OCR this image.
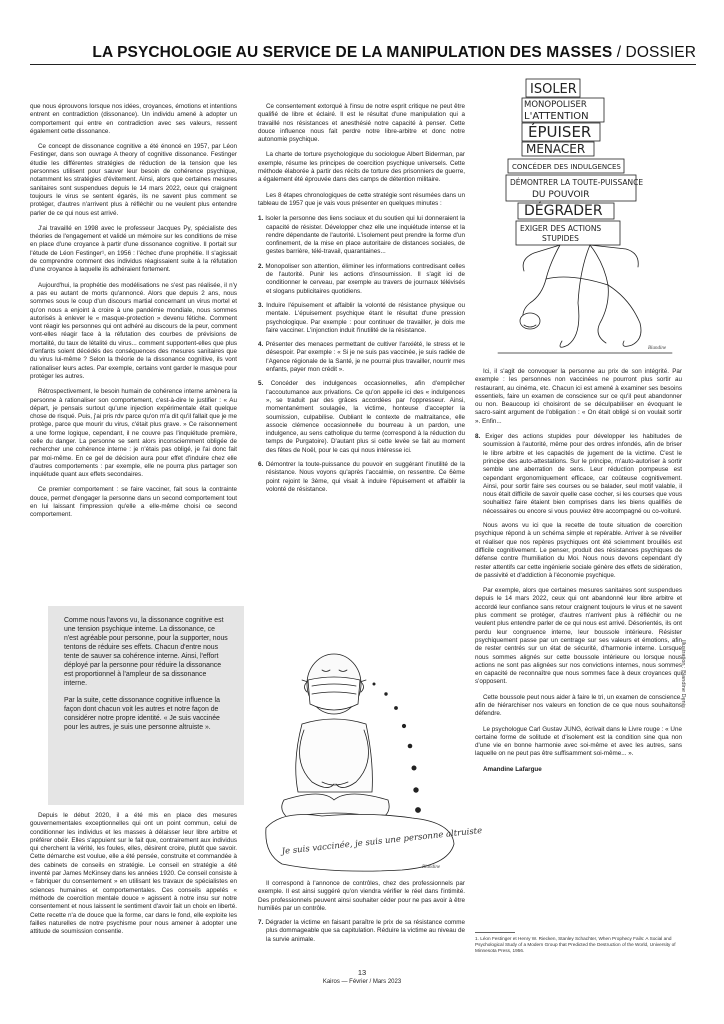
LA PSYCHOLOGIE AU SERVICE DE LA MANIPULATION DES MASSES / DOSSIER

que nous éprouvons lorsque nos idées, croyances, émotions et intentions entrent en contradiction (dissonance). Un individu amené à adopter un comportement qui entre en contradiction avec ses valeurs, ressent également cette dissonance.

Ce concept de dissonance cognitive a été énoncé en 1957, par Léon Festinger, dans son ouvrage A theory of cognitive dissonance. Festinger étudie les différentes stratégies de réduction de la tension que les personnes utilisent pour sauver leur besoin de cohérence psychique, notamment les stratégies d'évitement. Ainsi, alors que certaines mesures sanitaires sont suspendues depuis le 14 mars 2022, ceux qui craignent toujours le virus se sentent égarés, ils ne savent plus comment se protéger, d'autres n'arrivent plus à réfléchir ou ne veulent plus entendre parler de ce qui nous est arrivé.

J'ai travaillé en 1998 avec le professeur Jacques Py, spécialiste des théories de l'engagement et validé un mémoire sur les conditions de mise en place d'une croyance à partir d'une dissonance cognitive. Il portait sur l'étude de Léon Festinger¹, en 1956 : l'échec d'une prophétie. Il s'agissait de comprendre comment des individus réagissaient suite à la réfutation d'une croyance à laquelle ils adhéraient fortement.

Aujourd'hui, la prophétie des modélisations ne s'est pas réalisée, il n'y a pas eu autant de morts qu'annoncé. Alors que depuis 2 ans, nous sommes sous le coup d'un discours martial concernant un virus mortel et qu'on nous a enjoint à croire à une pandémie mondiale, nous sommes autorisés à enlever le « masque-protection » devenu fétiche. Comment vont réagir les personnes qui ont adhéré au discours de la peur, comment vont-elles réagir face à la réfutation des courbes de prévisions de mortalité, du taux de létalité du virus... comment supportent-elles que plus d'enfants soient décédés des conséquences des mesures sanitaires que du virus lui-même ? Selon la théorie de la dissonance cognitive, ils vont rationaliser leurs actes. Par exemple, certains vont garder le masque pour protéger les autres.

Rétrospectivement, le besoin humain de cohérence interne amènera la personne à rationaliser son comportement, c'est-à-dire le justifier : « Au départ, je pensais surtout qu'une injection expérimentale était quelque chose de risqué. Puis, j'ai pris rdv parce qu'on m'a dit qu'il fallait que je me protège, parce que mourir du virus, c'était plus grave. » Ce raisonnement a une forme logique, cependant, il ne couvre pas l'inquiétude première, celle du danger. La personne se sent alors inconsciemment obligée de rechercher une cohérence interne : je n'étais pas obligé, je l'ai donc fait par moi-même. En ce gel de décision aura pour effet d'induire chez elle d'autres comportements : par exemple, elle ne pourra plus partager son inquiétude quant aux effets secondaires.

Ce premier comportement : se faire vacciner, fait sous la contrainte douce, permet d'engager la personne dans un second comportement tout en lui laissant l'impression qu'elle a elle-même choisi ce second comportement.

Comme nous l'avons vu, la dissonance cognitive est une tension psychique interne. La dissonance, ce n'est agréable pour personne, pour la supporter, nous tentons de réduire ses effets. Chacun d'entre nous tente de sauver sa cohérence interne. Ainsi, l'effort déployé par la personne pour réduire la dissonance est proportionnel à l'ampleur de sa dissonance interne.

Par la suite, cette dissonance cognitive influence la façon dont chacun voit les autres et notre façon de considérer notre propre identité. « Je suis vaccinée pour les autres, je suis une personne altruiste ».

Depuis le début 2020, il a été mis en place des mesures gouvernementales exceptionnelles qui ont un point commun, celui de conditionner les individus et les masses à délaisser leur libre arbitre et préférer obéir. Elles s'appuient sur le fait que, contrairement aux individus qui cherchent la vérité, les foules, elles, désirent croire, plutôt que savoir. Cette démarche est voulue, elle a été pensée, construite et commandée à des cabinets de conseils en stratégie. Le conseil en stratégie a été inventé par James McKinsey dans les années 1920. Ce conseil consiste à « fabriquer du consentement » en utilisant les travaux de spécialistes en sciences humaines et comportementales. Ces conseils appelés « méthode de coercition mentale douce » agissent à notre insu sur notre consentement et nous laissent le sentiment d'avoir fait un choix en liberté. Cette recette n'a de douce que la forme, car dans le fond, elle exploite les failles naturelles de notre psychisme pour nous amener à adopter une attitude de soumission consentie.

Ce consentement extorqué à l'insu de notre esprit critique ne peut être qualifié de libre et éclairé. Il est le résultat d'une manipulation qui a travaillé nos résistances et anesthésié notre capacité à penser. Cette douce influence nous fait perdre notre libre-arbitre et donc notre autonomie psychique.

La charte de torture psychologique du sociologue Albert Biderman, par exemple, résume les principes de coercition psychique universels. Cette méthode élaborée à partir des récits de torture des prisonniers de guerre, a également été éprouvée dans des camps de détention militaire.

Les 8 étapes chronologiques de cette stratégie sont résumées dans un tableau de 1957 que je vais vous présenter en quelques minutes :

1. Isoler la personne des liens sociaux et du soutien qui lui donneraient la capacité de résister. Développer chez elle une inquiétude intense et la rendre dépendante de l'autorité. L'isolement peut prendre la forme d'un confinement, de la mise en place autoritaire de distances sociales, de gestes barrière, télé-travail, quarantaines...
2. Monopoliser son attention, éliminer les informations contredisant celles de l'autorité. Punir les actions d'insoumission. Il s'agit ici de conditionner le cerveau, par exemple au travers de journaux télévisés et slogans publicitaires quotidiens.
3. Induire l'épuisement et affaiblir la volonté de résistance physique ou mentale. L'épuisement psychique étant le résultat d'une pression psychologique. Par exemple : pour continuer de travailler, je dois me faire vacciner. L'injonction induit l'inutilité de la résistance.
4. Présenter des menaces permettant de cultiver l'anxiété, le stress et le désespoir. Par exemple : « Si je ne suis pas vaccinée, je suis radiée de l'Agence régionale de la Santé, je ne pourrai plus travailler, nourrir mes enfants, payer mon crédit ».
5. Concéder des indulgences occasionnelles, afin d'empêcher l'accoutumance aux privations. Ce qu'on appelle ici des « indulgences », se traduit par des grâces accordées par l'oppresseur. Ainsi, momentanément soulagée, la victime, honteuse d'accepter la soumission, culpabilise. Oubliant le contexte de maltraitance, elle associe clémence occasionnelle du bourreau à un pardon, une indulgence, au sens catholique du terme (correspond à la réduction du temps de Purgatoire). D'autant plus si cette levée se fait au moment des fêtes de Noël, pour le cas qui nous intéresse ici.
6. Démontrer la toute-puissance du pouvoir en suggérant l'inutilité de la résistance. Nous voyons qu'après l'accalmie, on ressentre. Ce 6ème point rejoint le 3ème, qui visait à induire l'épuisement et affaiblir la volonté de résistance.
Je suis vaccinée, je suis une personne altruiste
Blandine

Il correspond à l'annonce de contrôles, chez des professionnels par exemple. Il est ainsi suggéré qu'on viendra vérifier le réel dans l'intimité. Des professionnels peuvent ainsi souhaiter céder pour ne pas avoir à être humiliés par un contrôle.

7. Dégrader la victime en faisant paraître le prix de sa résistance comme plus dommageable que sa capitulation. Réduire la victime au niveau de la survie animale.
ISOLER
MONOPOLISER
L'ATTENTION
ÉPUISER
MENACER
CONCÉDER DES INDULGENCES
DÉMONTRER LA TOUTE-PUISSANCE
DU POUVOIR
DÉGRADER
EXIGER DES ACTIONS
STUPIDES
Blandine

Ici, il s'agit de convoquer la personne au prix de son intégrité. Par exemple : les personnes non vaccinées ne pourront plus sortir au restaurant, au cinéma, etc. Chacun ici est amené à examiner ses besoins essentiels, faire un examen de conscience sur ce qu'il peut abandonner ou non. Beaucoup ici choisiront de se déculpabiliser en évoquant le sacro-saint argument de l'obligation : « On était obligé si on voulait sortir ». Enfin...

8. Exiger des actions stupides pour développer les habitudes de soumission à l'autorité, même pour des ordres infondés, afin de briser le libre arbitre et les capacités de jugement de la victime. C'est le principe des auto-attestations. Sur le principe, m'auto-autoriser à sortir semble une aberration de sens. Leur réduction pompeuse est cependant ergonomiquement efficace, car coûteuse cognitivement. Ainsi, pour sortir faire ses courses ou se balader, seul motif valable, il nous était difficile de savoir quelle case cocher, si les courses que vous souhaitiez faire étaient bien comprises dans les biens qualifiés de nécessaires ou encore si vous pouviez être accompagné ou co-voituré.

Nous avons vu ici que la recette de toute situation de coercition psychique répond à un schéma simple et repérable. Arriver à se réveiller et réaliser que nos repères psychiques ont été sciemment brouillés est difficile cognitivement. Le penser, produit des résistances psychiques de défense contre l'humiliation du Moi. Nous nous devons cependant d'y rester attentifs car cette ingénierie sociale génère des effets de sidération, de passivité et d'addiction à l'économie psychique.

Par exemple, alors que certaines mesures sanitaires sont suspendues depuis le 14 mars 2022, ceux qui ont abandonné leur libre arbitre et accordé leur confiance sans retour craignent toujours le virus et ne savent plus comment se protéger, d'autres n'arrivent plus à réfléchir ou ne veulent plus entendre parler de ce qui nous est arrivé. Désorientés, ils ont perdu leur congruence interne, leur boussole intérieure. Résister psychiquement passe par un centrage sur ses valeurs et émotions, afin de rester centrés sur un état de sécurité, d'harmonie interne. Lorsque nous sommes alignés sur cette boussole intérieure ou lorsque nous actions ne sont pas alignées sur nos convictions internes, nous sommes en capacité de reconnaître que nous sommes face à deux croyances qui s'opposent.

Cette boussole peut nous aider à faire le tri, un examen de conscience, afin de hiérarchiser nos valeurs en fonction de ce que nous souhaitons défendre.

Le psychologue Carl Gustav JUNG, écrivait dans le Livre rouge : « Une certaine forme de solitude et d'isolement est la condition sine qua non d'une vie en bonne harmonie avec soi-même et avec les autres, sans laquelle on ne peut pas être suffisamment soi-même... ».

Amandine Lafargue

Illustration : Blandine Denis
1. Léon Festinger et Henry W. Riecken, Stanley Schachter, When Prophecy Fails: A Social and Psychological Study of a Modern Group that Predicted the Destruction of the World, University of Minnesota Press, 1956.
13
Kairos — Février / Mars 2023
